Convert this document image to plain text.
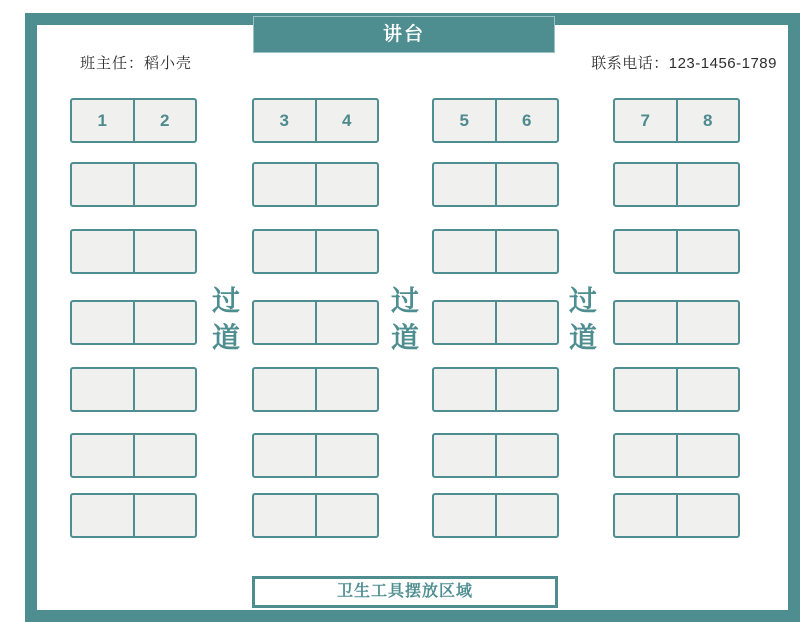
讲台
班主任：稻小壳	联系电话：123-1456-1789
1	2	3	4	5	6	7	8
过
道
过
道
过
道
卫生工具摆放区域
